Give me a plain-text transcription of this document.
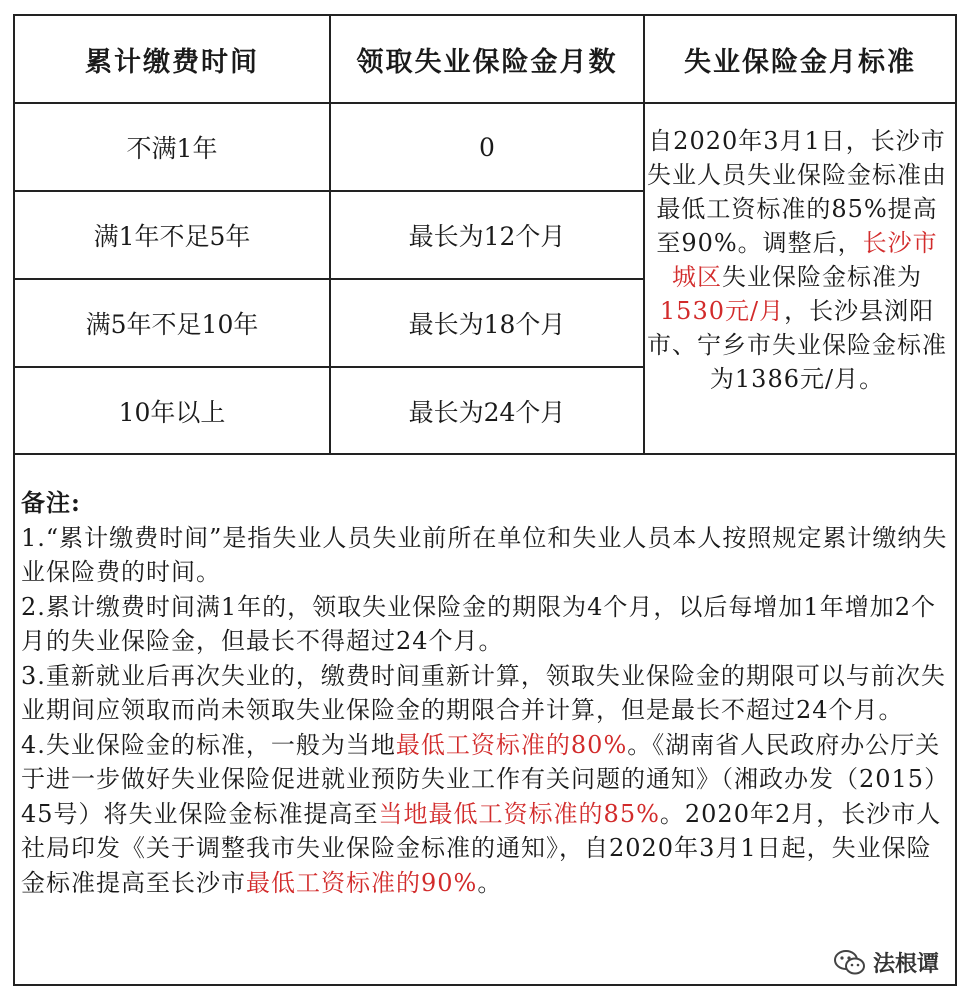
累计缴费时间	领取失业保险金月数	失业保险金月标准
不满1年	0
满1年不足5年	最长为12个月
满5年不足10年	最长为18个月
10年以上	最长为24个月
自2020年3月1日，长沙市失业人员失业保险金标准由最低工资标准的85%提高至90%。调整后，长沙市城区失业保险金标准为1530元/月，长沙县浏阳市、宁乡市失业保险金标准为1386元/月。

备注:

1.“累计缴费时间”是指失业人员失业前所在单位和失业人员本人按照规定累计缴纳失业保险费的时间。

2.累计缴费时间满1年的，领取失业保险金的期限为4个月，以后每增加1年增加2个月的失业保险金，但最长不得超过24个月。

3.重新就业后再次失业的，缴费时间重新计算，领取失业保险金的期限可以与前次失业期间应领取而尚未领取失业保险金的期限合并计算，但是最长不超过24个月。

4.失业保险金的标准，一般为当地最低工资标准的80%。《湖南省人民政府办公厅关于进一步做好失业保险促进就业预防失业工作有关问题的通知》（湘政办发（2015）45号）将失业保险金标准提高至当地最低工资标准的85%。2020年2月，长沙市人社局印发《关于调整我市失业保险金标准的通知》，自2020年3月1日起，失业保险金标准提高至长沙市最低工资标准的90%。

法根谭
